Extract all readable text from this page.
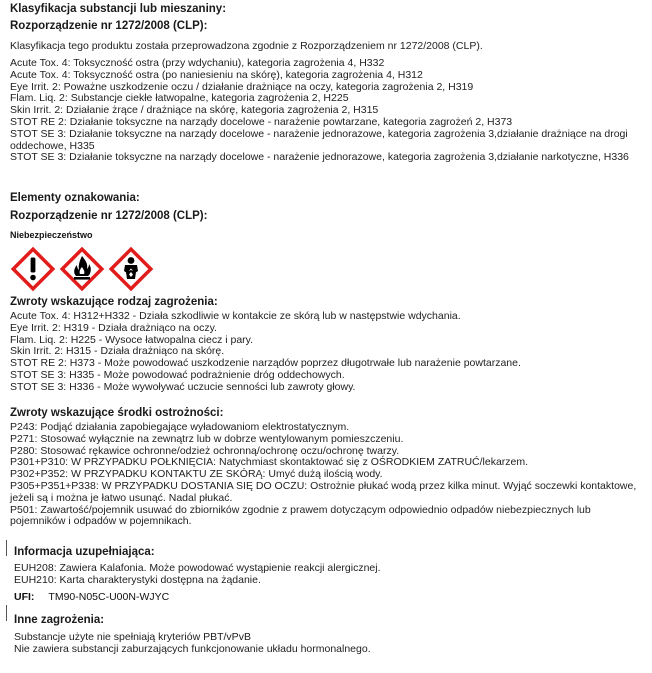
Klasyfikacja substancji lub mieszaniny:
Rozporządzenie nr 1272/2008 (CLP):
Klasyfikacja tego produktu została przeprowadzona zgodnie z Rozporządzeniem nr 1272/2008 (CLP).
Acute Tox. 4: Toksyczność ostra (przy wdychaniu), kategoria zagrożenia 4, H332
Acute Tox. 4: Toksyczność ostra (po naniesieniu na skórę), kategoria zagrożenia 4, H312
Eye Irrit. 2: Poważne uszkodzenie oczu / działanie drażniące na oczy, kategoria zagrożenia 2, H319
Flam. Liq. 2: Substancje ciekłe łatwopalne, kategoria zagrożenia 2, H225
Skin Irrit. 2: Działanie żrące / drażniące na skórę, kategoria zagrożenia 2, H315
STOT RE 2: Działanie toksyczne na narządy docelowe - narażenie powtarzane, kategoria zagrożeń 2, H373
STOT SE 3: Działanie toksyczne na narządy docelowe - narażenie jednorazowe, kategoria zagrożenia 3,działanie drażniące na drogi oddechowe, H335
STOT SE 3: Działanie toksyczne na narządy docelowe - narażenie jednorazowe, kategoria zagrożenia 3,działanie narkotyczne, H336
Elementy oznakowania:
Rozporządzenie nr 1272/2008 (CLP):
Niebezpieczeństwo
Zwroty wskazujące rodzaj zagrożenia:
Acute Tox. 4: H312+H332 - Działa szkodliwie w kontakcie ze skórą lub w następstwie wdychania.
Eye Irrit. 2: H319 - Działa drażniąco na oczy.
Flam. Liq. 2: H225 - Wysoce łatwopalna ciecz i pary.
Skin Irrit. 2: H315 - Działa drażniąco na skórę.
STOT RE 2: H373 - Może powodować uszkodzenie narządów poprzez długotrwałe lub narażenie powtarzane.
STOT SE 3: H335 - Może powodować podrażnienie dróg oddechowych.
STOT SE 3: H336 - Może wywoływać uczucie senności lub zawroty głowy.
Zwroty wskazujące środki ostrożności:
P243: Podjąć działania zapobiegające wyładowaniom elektrostatycznym.
P271: Stosować wyłącznie na zewnątrz lub w dobrze wentylowanym pomieszczeniu.
P280: Stosować rękawice ochronne/odzież ochronną/ochronę oczu/ochronę twarzy.
P301+P310: W PRZYPADKU POŁKNIĘCIA: Natychmiast skontaktować się z OŚRODKIEM ZATRUĆ/lekarzem.
P302+P352: W PRZYPADKU KONTAKTU ZE SKÓRĄ: Umyć dużą ilością wody.
P305+P351+P338: W PRZYPADKU DOSTANIA SIĘ DO OCZU: Ostrożnie płukać wodą przez kilka minut. Wyjąć soczewki kontaktowe, jeżeli są i można je łatwo usunąć. Nadal płukać.
P501: Zawartość/pojemnik usuwać do zbiorników zgodnie z prawem dotyczącym odpowiednio odpadów niebezpiecznych lub pojemników i odpadów w pojemnikach.
Informacja uzupełniająca:
EUH208: Zawiera Kalafonia. Może powodować wystąpienie reakcji alergicznej.
EUH210: Karta charakterystyki dostępna na żądanie.
UFI: TM90-N05C-U00N-WJYC
Inne zagrożenia:
Substancje użyte nie spełniają kryteriów PBT/vPvB
Nie zawiera substancji zaburzających funkcjonowanie układu hormonalnego.
